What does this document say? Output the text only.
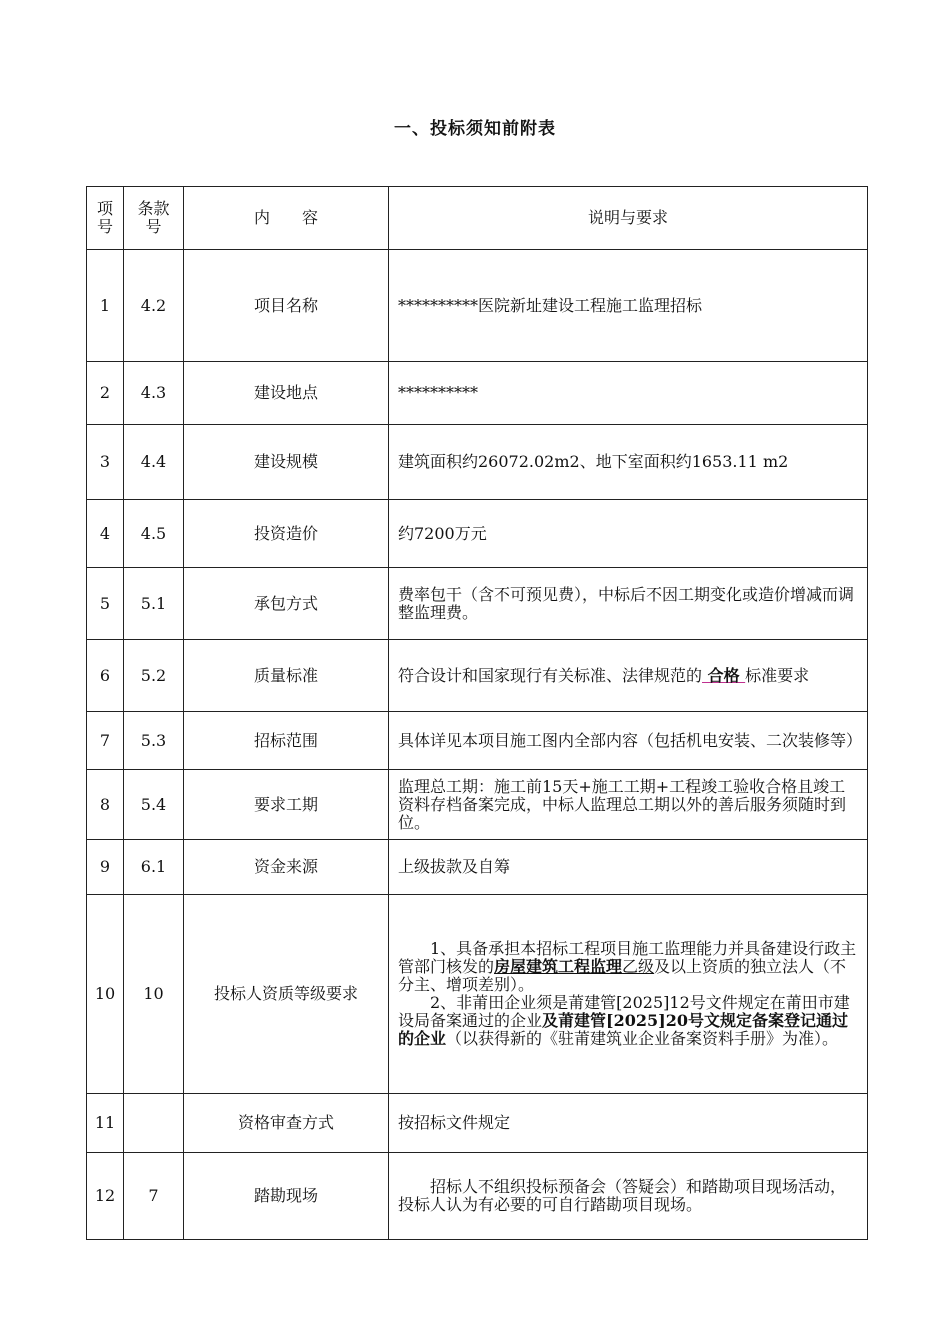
一、投标须知前附表
项号	条款号	内　　容	说明与要求
1	4.2	项目名称	**********医院新址建设工程施工监理招标
2	4.3	建设地点	**********
3	4.4	建设规模	建筑面积约26072.02m2、地下室面积约1653.11 m2
4	4.5	投资造价	约7200万元
5	5.1	承包方式	费率包干（含不可预见费），中标后不因工期变化或造价增减而调整监理费。
6	5.2	质量标准	符合设计和国家现行有关标准、法律规范的 合格 标准要求
7	5.3	招标范围	具体详见本项目施工图内全部内容（包括机电安装、二次装修等）
8	5.4	要求工期	监理总工期：施工前15天+施工工期+工程竣工验收合格且竣工资料存档备案完成，中标人监理总工期以外的善后服务须随时到位。
9	6.1	资金来源	上级拔款及自筹
10	10	投标人资质等级要求	1、具备承担本招标工程项目施工监理能力并具备建设行政主管部门核发的房屋建筑工程监理乙级及以上资质的独立法人（不分主、增项差别）。
2、非莆田企业须是莆建管[2025]12号文件规定在莆田市建设局备案通过的企业及莆建管[2025]20号文规定备案登记通过的企业（以获得新的《驻莆建筑业企业备案资料手册》为准）。

11		资格审查方式	按招标文件规定
12	7	踏勘现场	招标人不组织投标预备会（答疑会）和踏勘项目现场活动，投标人认为有必要的可自行踏勘项目现场。
